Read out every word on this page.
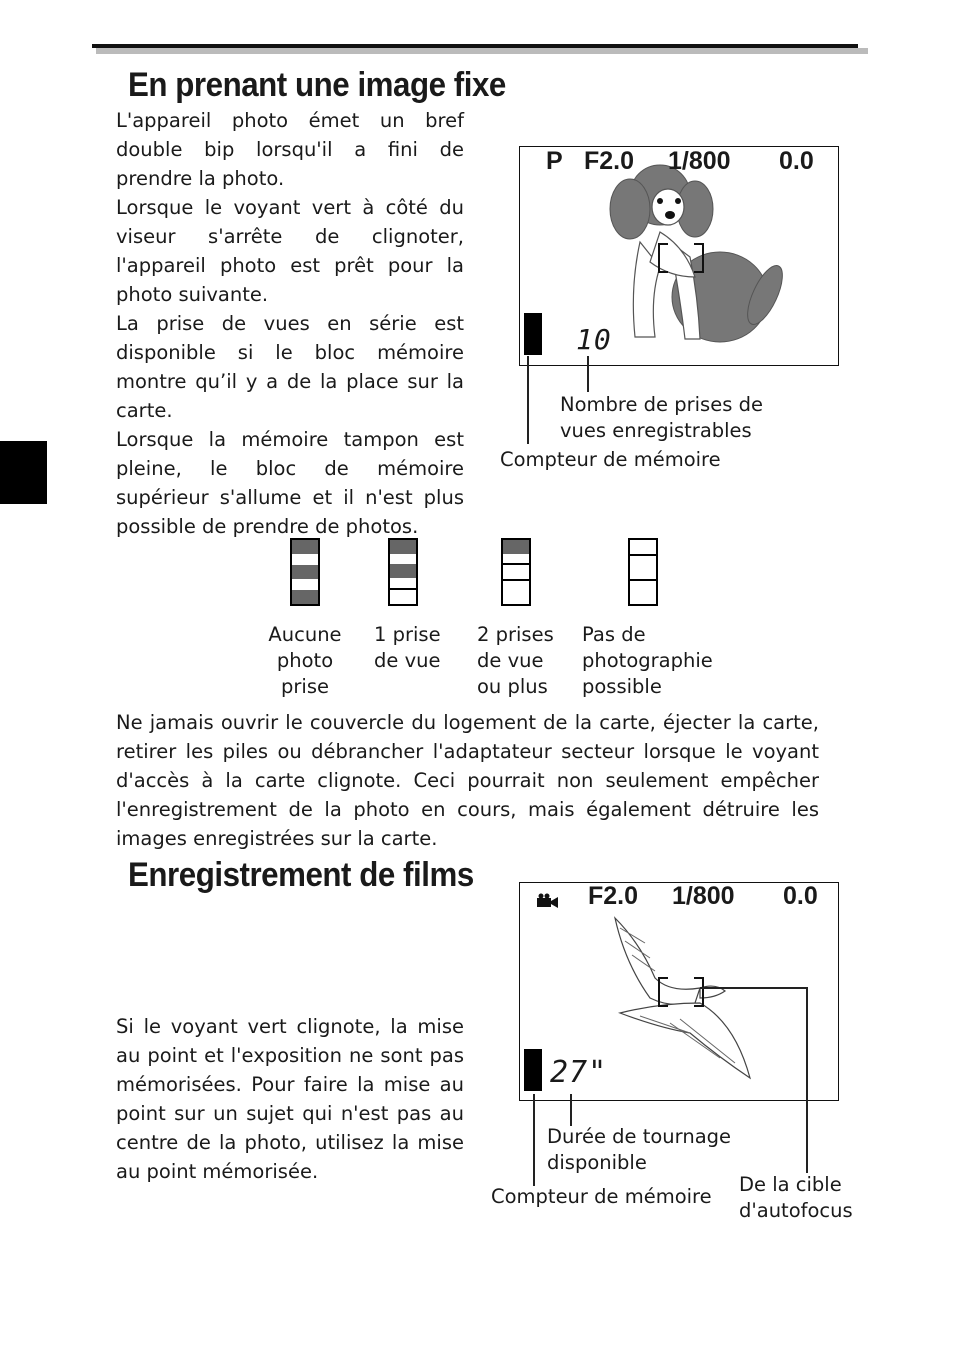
En prenant une image fixe

L'appareil photo émet un bref double bip lorsqu'il a fini de prendre la photo.

Lorsque le voyant vert à côté du viseur s'arrête de clignoter, l'appareil photo est prêt pour la photo suivante.

La prise de vues en série est disponible si le bloc mémoire montre qu’il y a de la place sur la carte.

Lorsque la mémoire tampon est pleine, le bloc de mémoire supérieur s'allume et il n'est plus possible de prendre de photos.

P F2.0 1/800 0.0
10
Nombre de prises de vues enregistrables
Compteur de mémoire
Aucune photo prise
1 prise de vue
2 prises de vue ou plus
Pas de photographie possible
Ne jamais ouvrir le couvercle du logement de la carte, éjecter la carte, retirer les piles ou débrancher l'adaptateur secteur lorsque le voyant d'accès à la carte clignote. Ceci pourrait non seulement empêcher l'enregistrement de la photo en cours, mais également détruire les images enregistrées sur la carte.
Enregistrement de films
Si le voyant vert clignote, la mise au point et l'exposition ne sont pas mémorisées. Pour faire la mise au point sur un sujet qui n'est pas au centre de la photo, utilisez la mise au point mémorisée.
F2.0 1/800 0.0
27"
Durée de tournage disponible
Compteur de mémoire
De la cible d'autofocus
